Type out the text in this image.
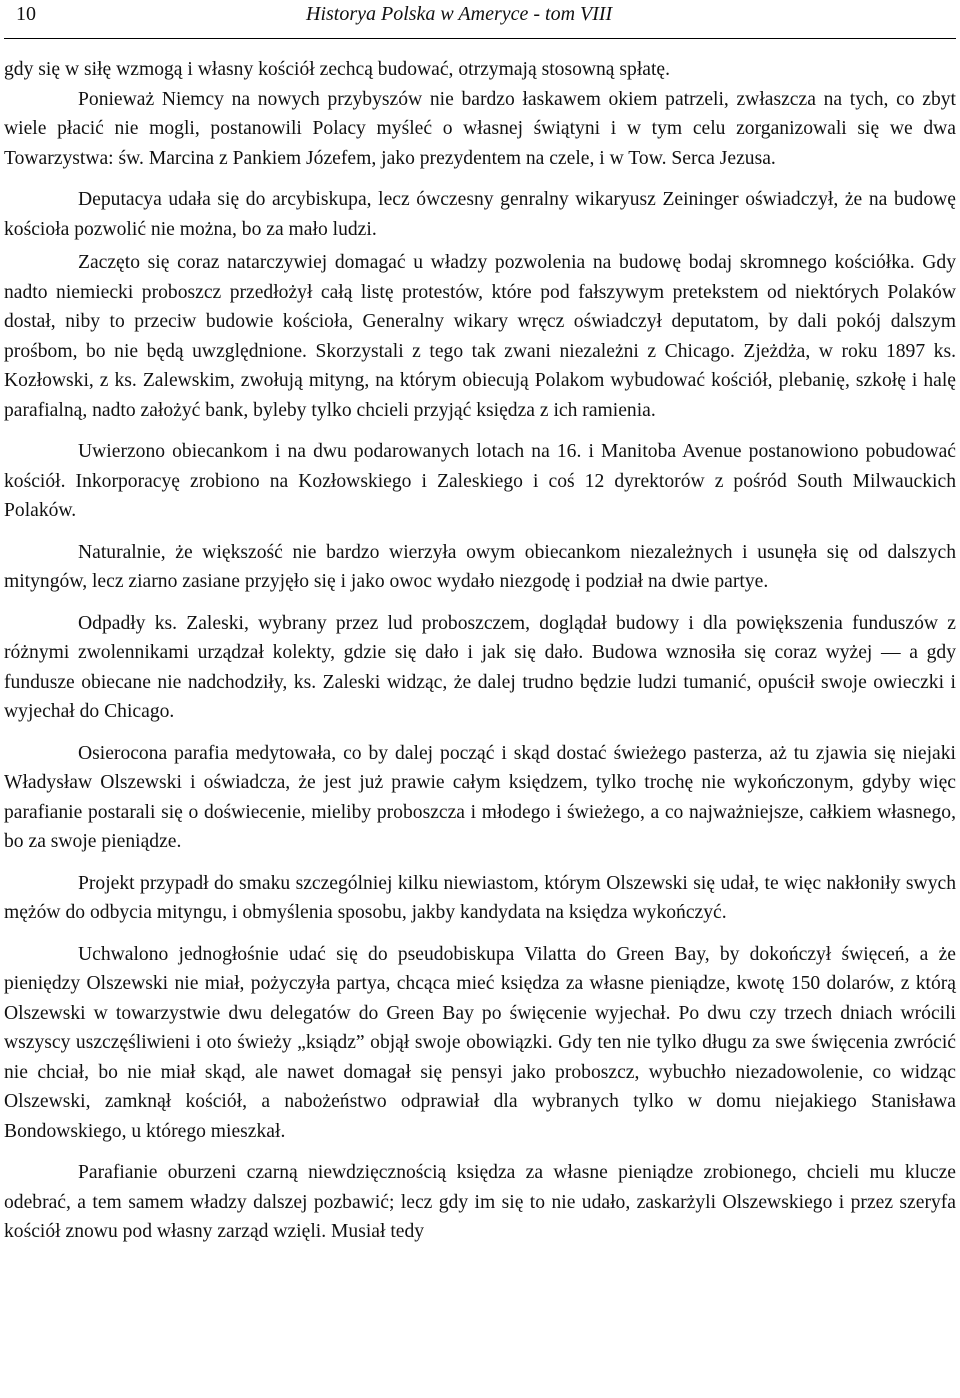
10	Historya Polska w Ameryce - tom VIII

gdy się w siłę wzmogą i własny kościół zechcą budować, otrzymają stosowną spłatę.

Ponieważ Niemcy na nowych przybyszów nie bardzo łaskawem okiem patrzeli, zwłaszcza na tych, co zbyt wiele płacić nie mogli, postanowili Polacy myśleć o własnej świątyni i w tym celu zorganizowali się we dwa Towarzystwa: św. Marcina z Pankiem Józefem, jako prezydentem na czele, i w Tow. Serca Jezusa.

Deputacya udała się do arcybiskupa, lecz ówczesny genralny wikaryusz Zeininger oświadczył, że na budowę kościoła pozwolić nie można, bo za mało ludzi.

Zaczęto się coraz natarczywiej domagać u władzy pozwolenia na budowę bodaj skromnego kościółka. Gdy nadto niemiecki proboszcz przedłożył całą listę protestów, które pod fałszywym pretekstem od niektórych Polaków dostał, niby to przeciw budowie kościoła, Generalny wikary wręcz oświadczył deputatom, by dali pokój dalszym prośbom, bo nie będą uwzględnione. Skorzystali z tego tak zwani niezależni z Chicago. Zjeżdża, w roku 1897 ks. Kozłowski, z ks. Zalewskim, zwołują mityng, na którym obiecują Polakom wybudować kościół, plebanię, szkołę i halę parafialną, nadto założyć bank, byleby tylko chcieli przyjąć księdza z ich ramienia.

Uwierzono obiecankom i na dwu podarowanych lotach na 16. i Manitoba Avenue postanowiono pobudować kościół. Inkorporacyę zrobiono na Kozłowskiego i Zaleskiego i coś 12 dyrektorów z pośród South Milwauckich Polaków.

Naturalnie, że większość nie bardzo wierzyła owym obiecankom niezależnych i usunęła się od dalszych mityngów, lecz ziarno zasiane przyjęło się i jako owoc wydało niezgodę i podział na dwie partye.

Odpadły ks. Zaleski, wybrany przez lud proboszczem, doglądał budowy i dla powiększenia funduszów z różnymi zwolennikami urządzał kolekty, gdzie się dało i jak się dało. Budowa wznosiła się coraz wyżej — a gdy fundusze obiecane nie nadchodziły, ks. Zaleski widząc, że dalej trudno będzie ludzi tumanić, opuścił swoje owieczki i wyjechał do Chicago.

Osierocona parafia medytowała, co by dalej począć i skąd dostać świeżego pasterza, aż tu zjawia się niejaki Władysław Olszewski i oświadcza, że jest już prawie całym księdzem, tylko trochę nie wykończonym, gdyby więc parafianie postarali się o doświecenie, mieliby proboszcza i młodego i świeżego, a co najważniejsze, całkiem własnego, bo za swoje pieniądze.

Projekt przypadł do smaku szczególniej kilku niewiastom, którym Olszewski się udał, te więc nakłoniły swych mężów do odbycia mityngu, i obmyślenia sposobu, jakby kandydata na księdza wykończyć.

Uchwalono jednogłośnie udać się do pseudobiskupa Vilatta do Green Bay, by dokończył święceń, a że pieniędzy Olszewski nie miał, pożyczyła partya, chcąca mieć księdza za własne pieniądze, kwotę 150 dolarów, z którą Olszewski w towarzystwie dwu delegatów do Green Bay po święcenie wyjechał. Po dwu czy trzech dniach wrócili wszyscy uszczęśliwieni i oto świeży „ksiądz” objął swoje obowiązki. Gdy ten nie tylko długu za swe święcenia zwrócić nie chciał, bo nie miał skąd, ale nawet domagał się pensyi jako proboszcz, wybuchło niezadowolenie, co widząc Olszewski, zamknął kościół, a nabożeństwo odprawiał dla wybranych tylko w domu niejakiego Stanisława Bondowskiego, u którego mieszkał.

Parafianie oburzeni czarną niewdzięcznością księdza za własne pieniądze zrobionego, chcieli mu klucze odebrać, a tem samem władzy dalszej pozbawić; lecz gdy im się to nie udało, zaskarżyli Olszewskiego i przez szeryfa kościół znowu pod własny zarząd wzięli. Musiał tedy
